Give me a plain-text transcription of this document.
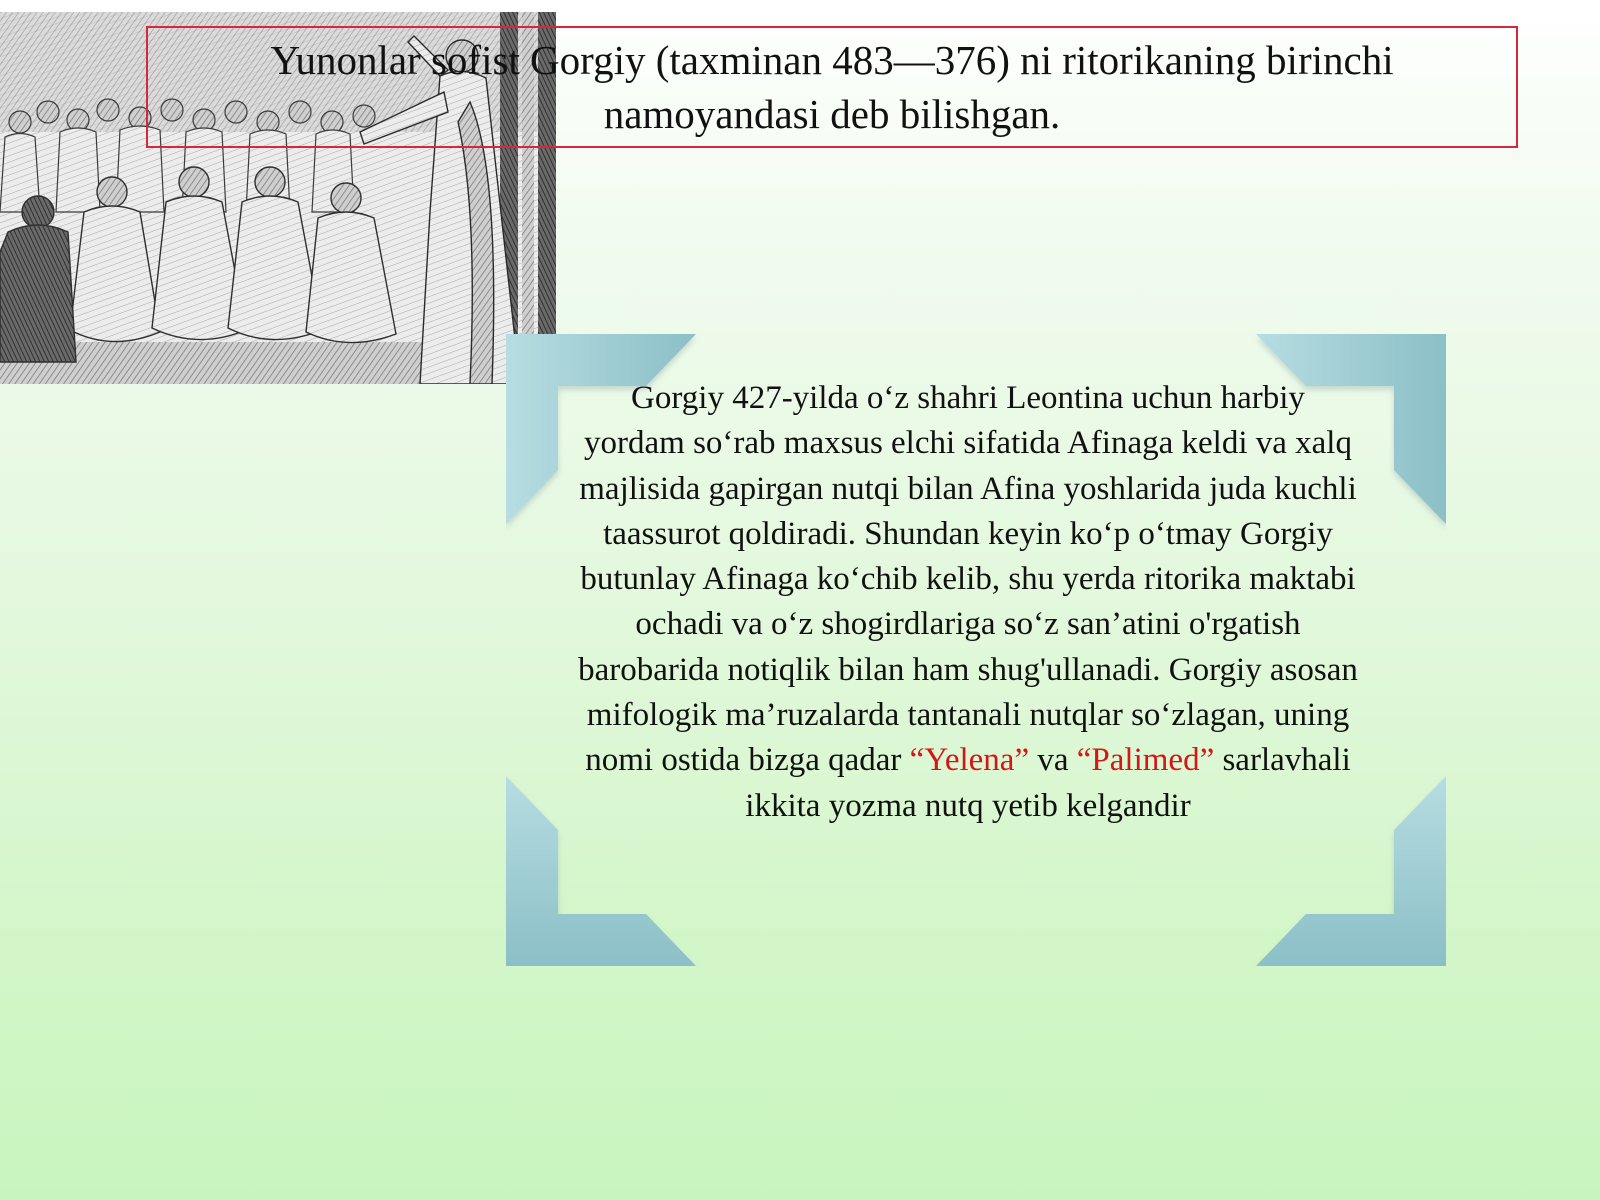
Yunonlar sofist Gorgiy (taxminan 483—376) ni ritorikaning birinchi namoyandasi deb bilishgan.
Gorgiy 427-yilda o‘z shahri Leontina uchun harbiy yordam so‘rab maxsus elchi sifatida Afinaga keldi va xalq majlisida gapirgan nutqi bilan Afina yoshlarida juda kuchli taassurot qoldiradi. Shundan keyin ko‘p o‘tmay Gorgiy butunlay Afinaga ko‘chib kelib, shu yerda ritorika maktabi ochadi va o‘z shogirdlariga so‘z san’atini o'rgatish barobarida notiqlik bilan ham shug'ullanadi. Gorgiy asosan mifologik ma’ruzalarda tantanali nutqlar so‘zlagan, uning nomi ostida bizga qadar “Yelena” va “Palimed” sarlavhali ikkita yozma nutq yetib kelgandir
